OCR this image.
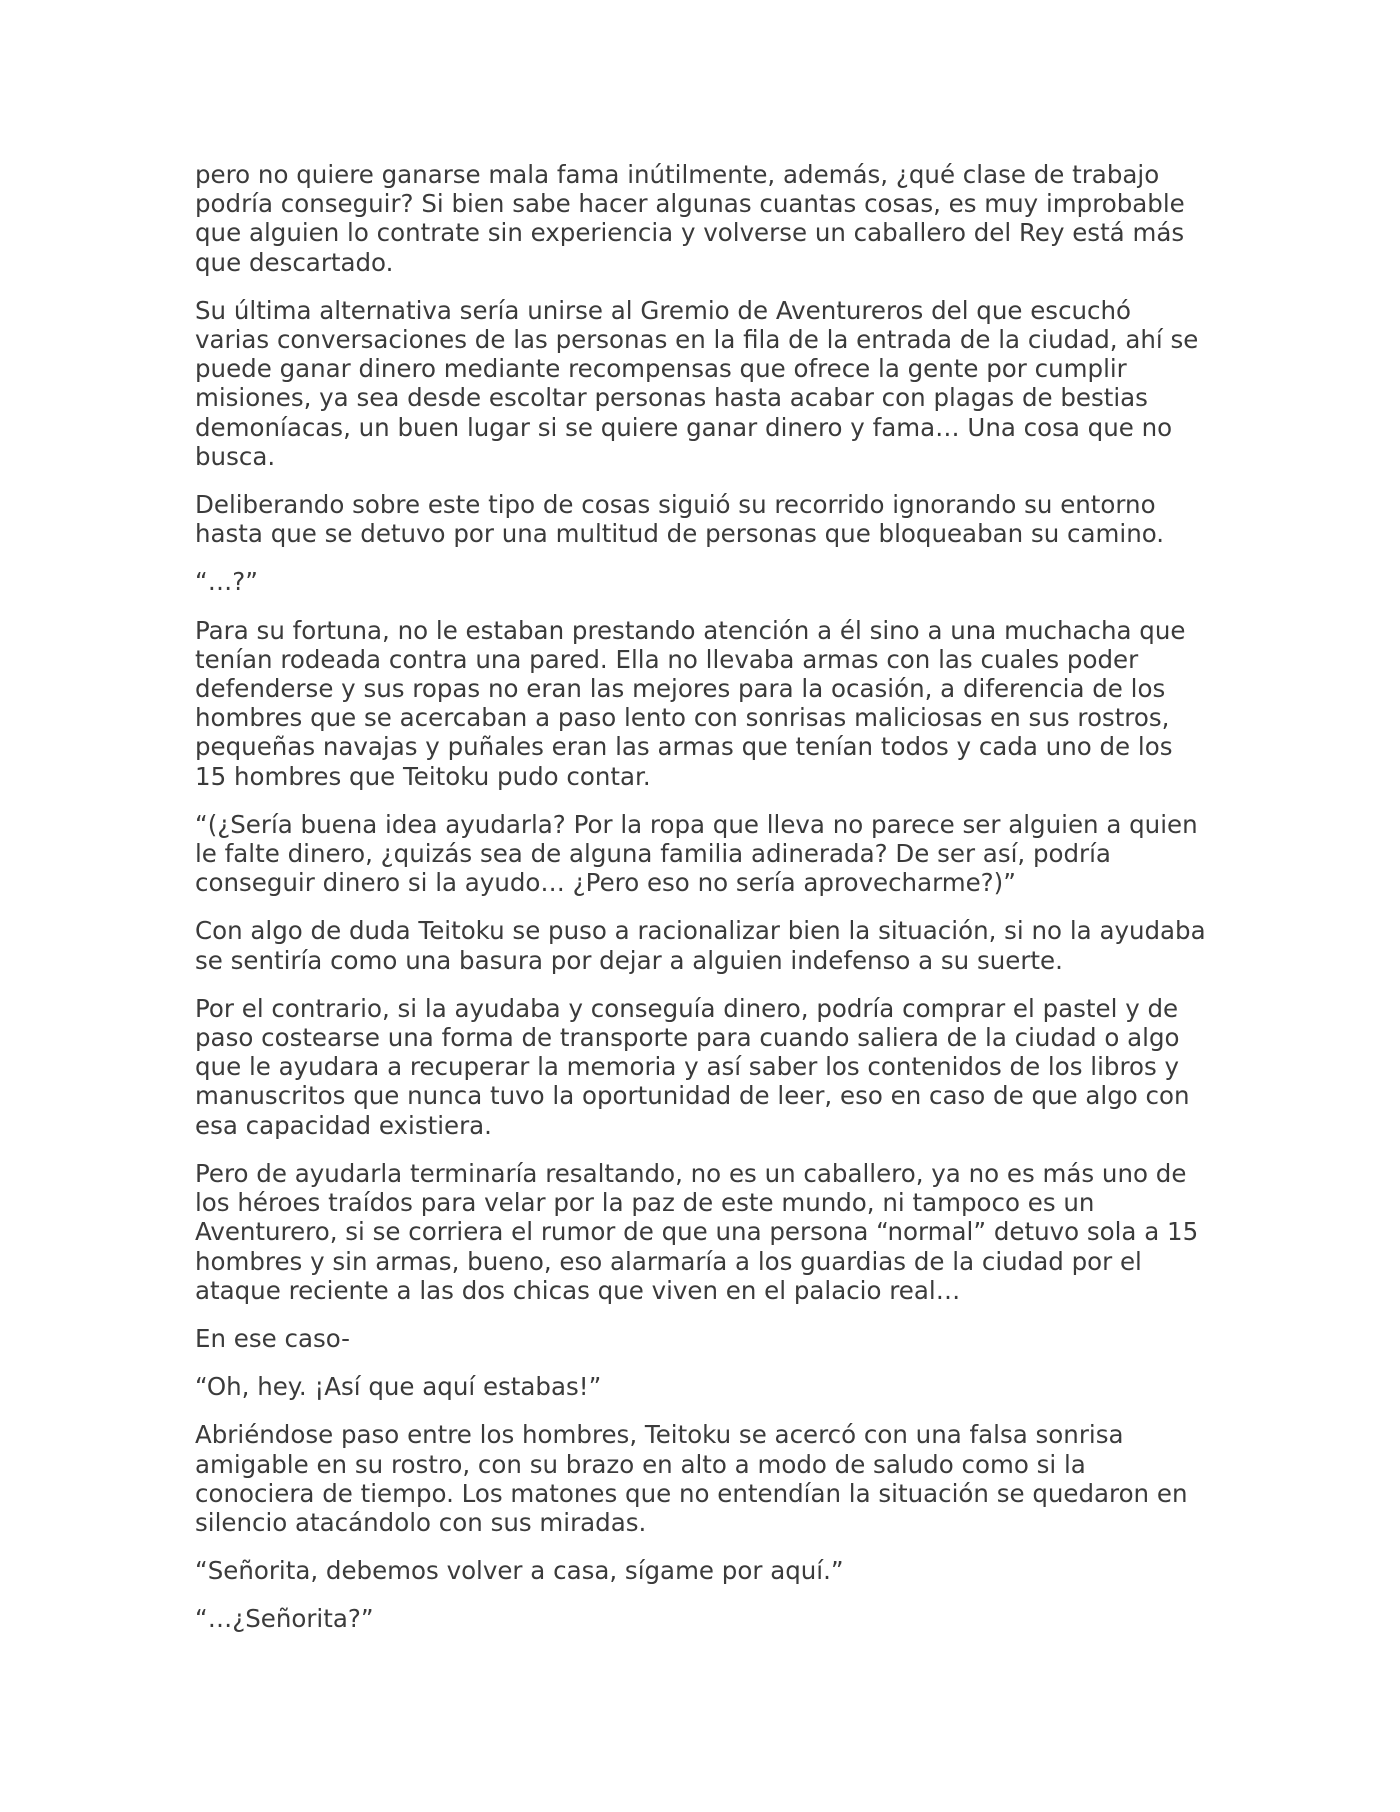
pero no quiere ganarse mala fama inútilmente, además, ¿qué clase de trabajo podría conseguir? Si bien sabe hacer algunas cuantas cosas, es muy improbable que alguien lo contrate sin experiencia y volverse un caballero del Rey está más que descartado.

Su última alternativa sería unirse al Gremio de Aventureros del que escuchó varias conversaciones de las personas en la fila de la entrada de la ciudad, ahí se puede ganar dinero mediante recompensas que ofrece la gente por cumplir misiones, ya sea desde escoltar personas hasta acabar con plagas de bestias demoníacas, un buen lugar si se quiere ganar dinero y fama… Una cosa que no busca.

Deliberando sobre este tipo de cosas siguió su recorrido ignorando su entorno hasta que se detuvo por una multitud de personas que bloqueaban su camino.

“…?”

Para su fortuna, no le estaban prestando atención a él sino a una muchacha que tenían rodeada contra una pared. Ella no llevaba armas con las cuales poder defenderse y sus ropas no eran las mejores para la ocasión, a diferencia de los hombres que se acercaban a paso lento con sonrisas maliciosas en sus rostros, pequeñas navajas y puñales eran las armas que tenían todos y cada uno de los 15 hombres que Teitoku pudo contar.

“(¿Sería buena idea ayudarla? Por la ropa que lleva no parece ser alguien a quien le falte dinero, ¿quizás sea de alguna familia adinerada? De ser así, podría conseguir dinero si la ayudo… ¿Pero eso no sería aprovecharme?)”

Con algo de duda Teitoku se puso a racionalizar bien la situación, si no la ayudaba se sentiría como una basura por dejar a alguien indefenso a su suerte.

Por el contrario, si la ayudaba y conseguía dinero, podría comprar el pastel y de paso costearse una forma de transporte para cuando saliera de la ciudad o algo que le ayudara a recuperar la memoria y así saber los contenidos de los libros y manuscritos que nunca tuvo la oportunidad de leer, eso en caso de que algo con esa capacidad existiera.

Pero de ayudarla terminaría resaltando, no es un caballero, ya no es más uno de los héroes traídos para velar por la paz de este mundo, ni tampoco es un Aventurero, si se corriera el rumor de que una persona “normal” detuvo sola a 15 hombres y sin armas, bueno, eso alarmaría a los guardias de la ciudad por el ataque reciente a las dos chicas que viven en el palacio real…

En ese caso-

“Oh, hey. ¡Así que aquí estabas!”

Abriéndose paso entre los hombres, Teitoku se acercó con una falsa sonrisa amigable en su rostro, con su brazo en alto a modo de saludo como si la conociera de tiempo. Los matones que no entendían la situación se quedaron en silencio atacándolo con sus miradas.

“Señorita, debemos volver a casa, sígame por aquí.”

“…¿Señorita?”
